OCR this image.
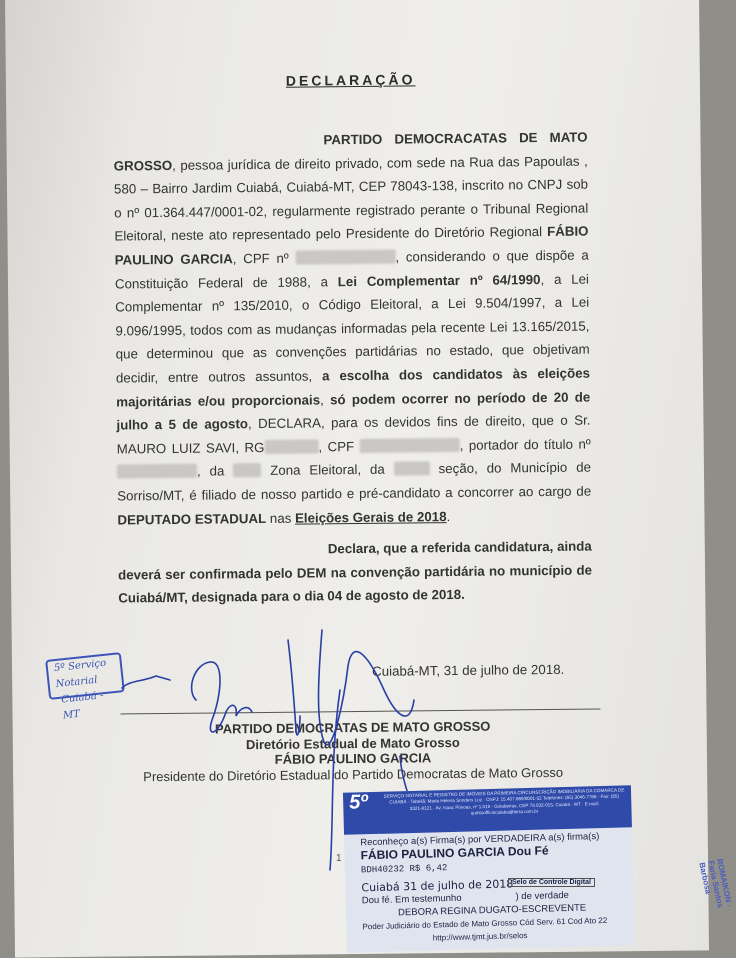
DECLARAÇÃO

PARTIDO DEMOCRACATAS DE MATO GROSSO, pessoa jurídica de direito privado, com sede na Rua das Papoulas , 580 – Bairro Jardim Cuiabá, Cuiabá-MT, CEP 78043-138, inscrito no CNPJ sob o nº 01.364.447/0001-02, regularmente registrado perante o Tribunal Regional Eleitoral, neste ato representado pelo Presidente do Diretório Regional FÁBIO PAULINO GARCIA, CPF nº	, considerando o que dispõe a Constituição Federal de 1988, a Lei Complementar nº 64/1990, a Lei Complementar nº 135/2010, o Código Eleitoral, a Lei 9.504/1997, a Lei 9.096/1995, todos com as mudanças informadas pela recente Lei 13.165/2015, que determinou que as convenções partidárias no estado, que objetivam decidir, entre outros assuntos, a escolha dos candidatos às eleições majoritárias e/ou proporcionais, só podem ocorrer no período de 20 de julho a 5 de agosto, DECLARA, para os devidos fins de direito, que o Sr. MAURO LUIZ SAVI, RG	, CPF	, portador do título nº , da  Zona Eleitoral, da	seção, do Município de Sorriso/MT, é filiado de nosso partido e pré-candidato a concorrer ao cargo de DEPUTADO ESTADUAL nas Eleições Gerais de 2018.

Declara, que a referida candidatura, ainda deverá ser confirmada pelo DEM na convenção partidária no município de Cuiabá/MT, designada para o dia 04 de agosto de 2018.

Cuiabá-MT, 31 de julho de 2018.
PARTIDO DEMOCRATAS DE MATO GROSSO
Diretório Estadual de Mato Grosso
FÁBIO PAULINO GARCIA
Presidente do Diretório Estadual do Partido Democratas de Mato Grosso
5º Serviço Notarial
Cuiabá - MT
5º	SERVIÇO NOTARIAL E REGISTRO DE IMÓVEIS DA PRIMEIRA CIRCUNSCRIÇÃO IMOBILIÁRIA DA COMARCA DE CUIABÁ · Tabeliã: Maria Helena Sonders Luz · CNPJ: 15.407.869/0001-52 Telefones: (65) 3046-7786 - Fax: (65) 3321-8121 · Av. Isaac Póvoas, nº 1.019 - Goiabeiras, CEP 78.032-015, Cuiabá - MT · E-mail: quintoofficiocuiaba@terra.com.br
Reconheço a(s) Firma(s) por VERDADEIRA a(s) firma(s)
FÁBIO PAULINO GARCIA Dou Fé
BDH40232 R$ 6,42
Cuiabá 31 de julho de 2018
Dou fé. Em testemunho	) de verdade
DEBORA REGINA DUGATO-ESCREVENTE
Poder Judiciário do Estado de Mato Grosso Cód Serv. 61 Cod Ato 22
http://www.tjmt.jus.br/selos
Selo de Controle Digital
1	ROMAIKON · Faria Santos Barbosa
